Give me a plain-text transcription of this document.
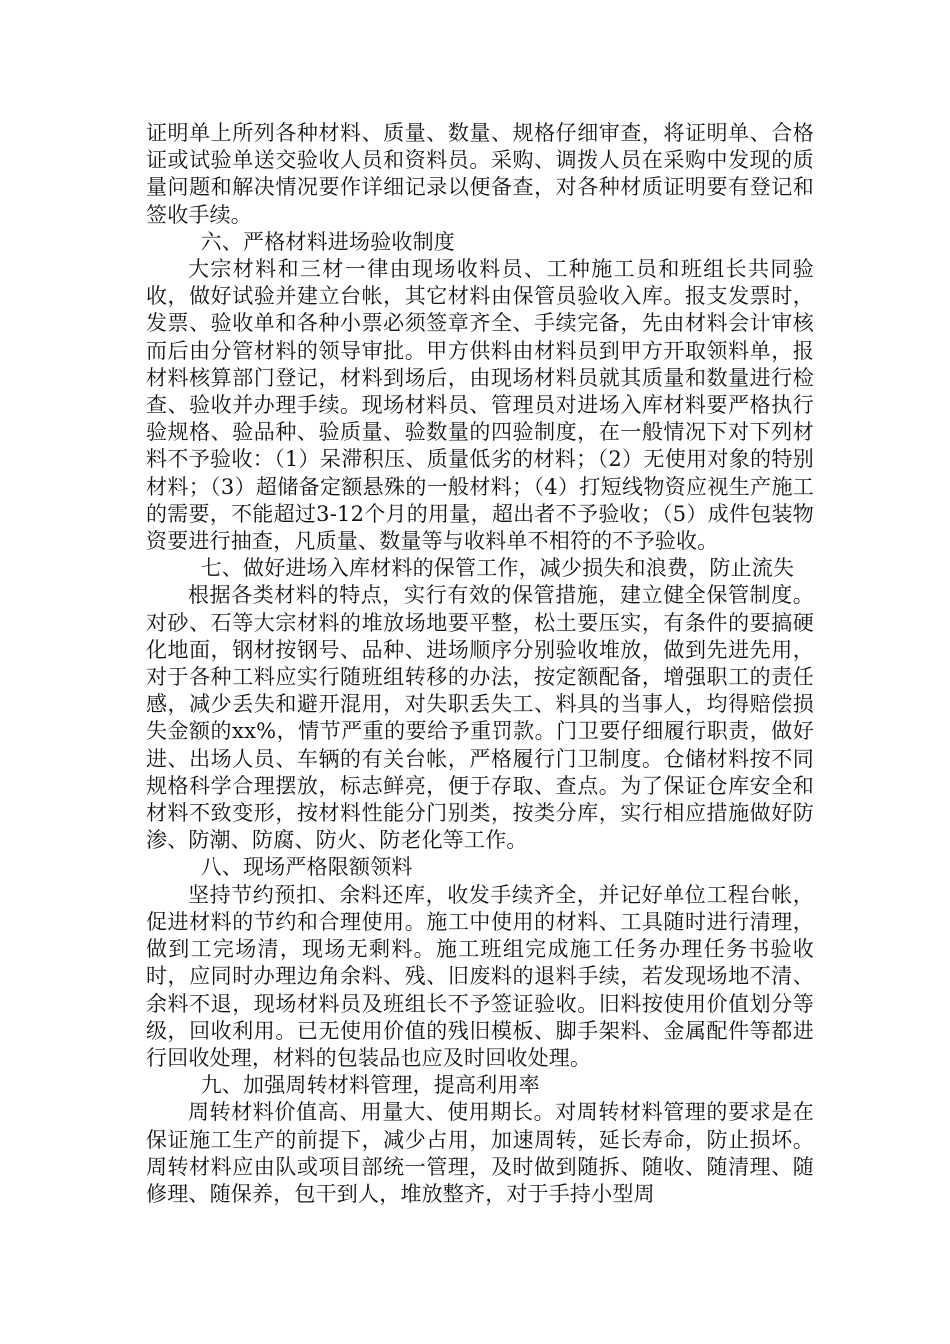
证明单上所列各种材料、质量、数量、规格仔细审查，将证明单、合格证或试验单送交验收人员和资料员。采购、调拨人员在采购中发现的质量问题和解决情况要作详细记录以便备查，对各种材质证明要有登记和签收手续。

六、严格材料进场验收制度

大宗材料和三材一律由现场收料员、工种施工员和班组长共同验收，做好试验并建立台帐，其它材料由保管员验收入库。报支发票时，发票、验收单和各种小票必须签章齐全、手续完备，先由材料会计审核而后由分管材料的领导审批。甲方供料由材料员到甲方开取领料单，报材料核算部门登记，材料到场后，由现场材料员就其质量和数量进行检查、验收并办理手续。现场材料员、管理员对进场入库材料要严格执行验规格、验品种、验质量、验数量的四验制度，在一般情况下对下列材料不予验收：（1）呆滞积压、质量低劣的材料；（2）无使用对象的特别材料；（3）超储备定额悬殊的一般材料；（4）打短线物资应视生产施工的需要，不能超过3-12个月的用量，超出者不予验收；（5）成件包装物资要进行抽查，凡质量、数量等与收料单不相符的不予验收。

七、做好进场入库材料的保管工作，减少损失和浪费，防止流失

根据各类材料的特点，实行有效的保管措施，建立健全保管制度。对砂、石等大宗材料的堆放场地要平整，松土要压实，有条件的要搞硬化地面，钢材按钢号、品种、进场顺序分别验收堆放，做到先进先用，对于各种工料应实行随班组转移的办法，按定额配备，增强职工的责任感，减少丢失和避开混用，对失职丢失工、料具的当事人，均得赔偿损失金额的xx%，情节严重的要给予重罚款。门卫要仔细履行职责，做好进、出场人员、车辆的有关台帐，严格履行门卫制度。仓储材料按不同规格科学合理摆放，标志鲜亮，便于存取、查点。为了保证仓库安全和材料不致变形，按材料性能分门别类，按类分库，实行相应措施做好防渗、防潮、防腐、防火、防老化等工作。

八、现场严格限额领料

坚持节约预扣、余料还库，收发手续齐全，并记好单位工程台帐，促进材料的节约和合理使用。施工中使用的材料、工具随时进行清理，做到工完场清，现场无剩料。施工班组完成施工任务办理任务书验收时，应同时办理边角余料、残、旧废料的退料手续，若发现场地不清、余料不退，现场材料员及班组长不予签证验收。旧料按使用价值划分等级，回收利用。已无使用价值的残旧模板、脚手架料、金属配件等都进行回收处理，材料的包装品也应及时回收处理。

九、加强周转材料管理，提高利用率

周转材料价值高、用量大、使用期长。对周转材料管理的要求是在保证施工生产的前提下，减少占用，加速周转，延长寿命，防止损坏。周转材料应由队或项目部统一管理，及时做到随拆、随收、随清理、随修理、随保养，包干到人，堆放整齐，对于手持小型周
